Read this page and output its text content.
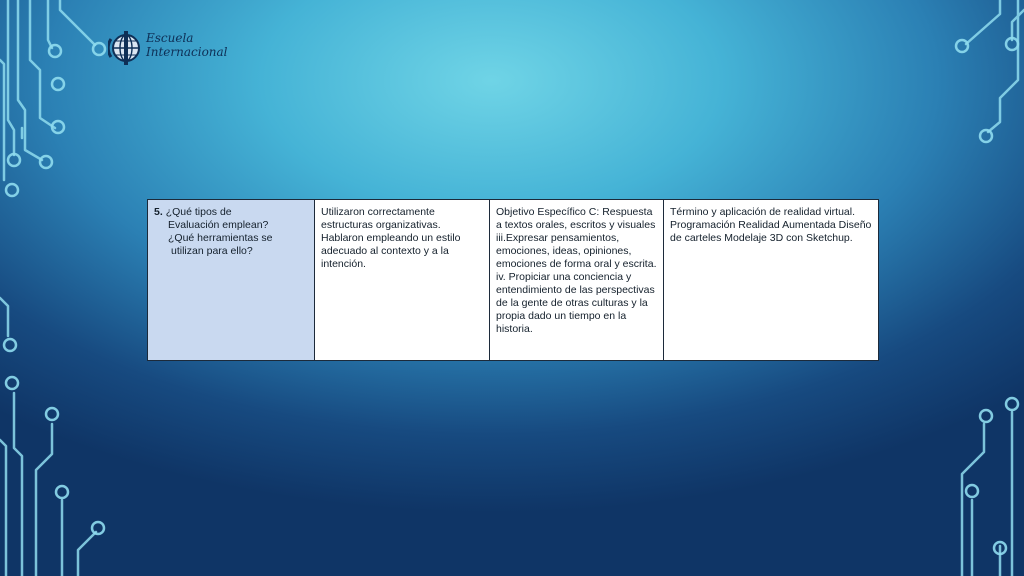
Escuela
Internacional
5. ¿Qué tipos de
Evaluación emplean?
¿Qué herramientas se
utilizan para ello?
	Utilizaron correctamente estructuras organizativas. Hablaron empleando un estilo adecuado al contexto y a la intención.	Objetivo Específico C: Respuesta a textos orales, escritos y visuales iii.Expresar pensamientos, emociones, ideas, opiniones, emociones de forma oral y escrita. iv. Propiciar una conciencia y entendimiento de las perspectivas de la gente de otras culturas y la propia dado un tiempo en la historia.	Término y aplicación de realidad virtual. Programación Realidad Aumentada Diseño de carteles Modelaje 3D con Sketchup.
